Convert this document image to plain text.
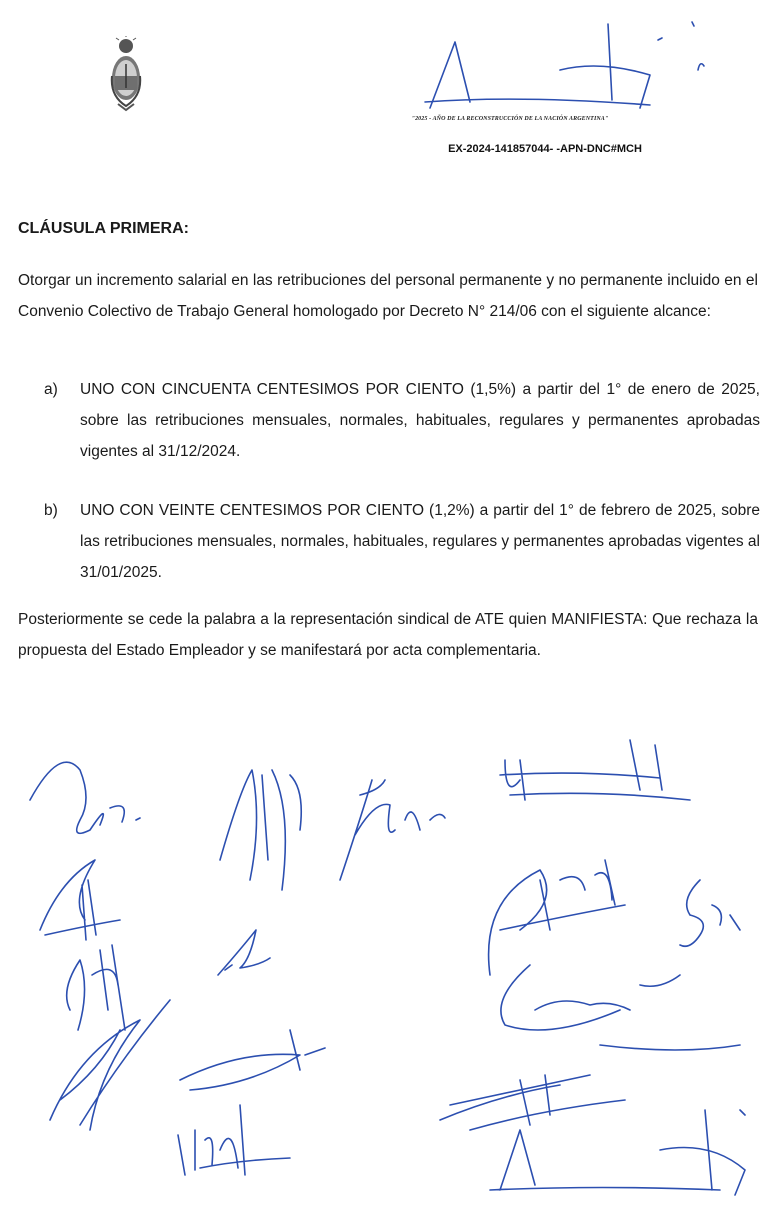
"2025 - AÑO DE LA RECONSTRUCCIÓN DE LA NACIÓN ARGENTINA"
EX-2024-141857044- -APN-DNC#MCH
CLÁUSULA PRIMERA:
Otorgar un incremento salarial en las retribuciones del personal permanente y no permanente incluido en el Convenio Colectivo de Trabajo General homologado por Decreto N° 214/06 con el siguiente alcance:
a)	UNO CON CINCUENTA CENTESIMOS POR CIENTO (1,5%) a partir del 1° de enero de 2025, sobre las retribuciones mensuales, normales, habituales, regulares y permanentes aprobadas vigentes al 31/12/2024.
b)	UNO CON VEINTE CENTESIMOS POR CIENTO (1,2%) a partir del 1° de febrero de 2025, sobre las retribuciones mensuales, normales, habituales, regulares y permanentes aprobadas vigentes al 31/01/2025.
Posteriormente se cede la palabra a la representación sindical de ATE quien MANIFIESTA: Que rechaza la propuesta del Estado Empleador y se manifestará por acta complementaria.
